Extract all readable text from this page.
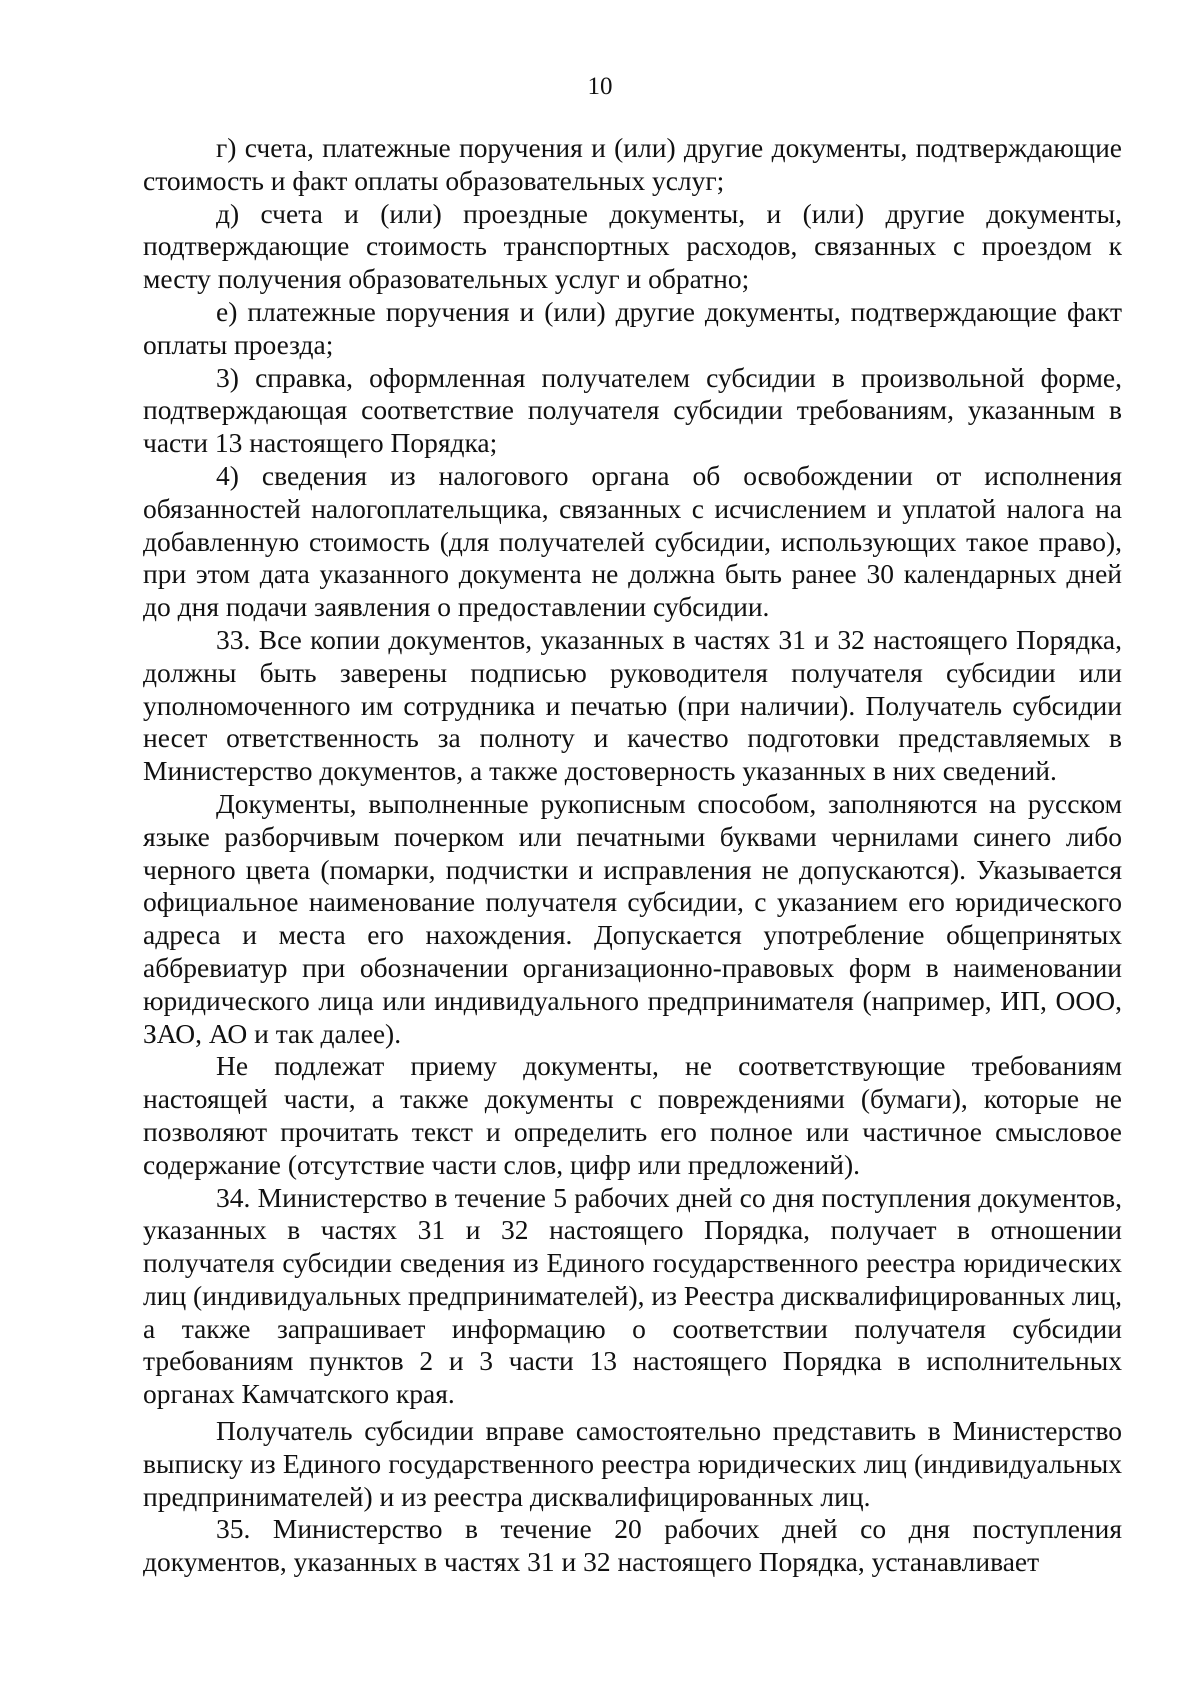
10

г) счета, платежные поручения и (или) другие документы, подтверждающие стоимость и факт оплаты образовательных услуг;

д) счета и (или) проездные документы, и (или) другие документы, подтверждающие стоимость транспортных расходов, связанных с проездом к месту получения образовательных услуг и обратно;

е) платежные поручения и (или) другие документы, подтверждающие факт оплаты проезда;

3) справка, оформленная получателем субсидии в произвольной форме, подтверждающая соответствие получателя субсидии требованиям, указанным в части 13 настоящего Порядка;

4) сведения из налогового органа об освобождении от исполнения обязанностей налогоплательщика, связанных с исчислением и уплатой налога на добавленную стоимость (для получателей субсидии, использующих такое право), при этом дата указанного документа не должна быть ранее 30 календарных дней до дня подачи заявления о предоставлении субсидии.

33. Все копии документов, указанных в частях 31 и 32 настоящего Порядка, должны быть заверены подписью руководителя получателя субсидии или уполномоченного им сотрудника и печатью (при наличии). Получатель субсидии несет ответственность за полноту и качество подготовки представляемых в Министерство документов, а также достоверность указанных в них сведений.

Документы, выполненные рукописным способом, заполняются на русском языке разборчивым почерком или печатными буквами чернилами синего либо черного цвета (помарки, подчистки и исправления не допускаются). Указывается официальное наименование получателя субсидии, с указанием его юридического адреса и места его нахождения. Допускается употребление общепринятых аббревиатур при обозначении организационно-правовых форм в наименовании юридического лица или индивидуального предпринимателя (например, ИП, ООО, ЗАО, АО и так далее).

Не подлежат приему документы, не соответствующие требованиям настоящей части, а также документы с повреждениями (бумаги), которые не позволяют прочитать текст и определить его полное или частичное смысловое содержание (отсутствие части слов, цифр или предложений).

34. Министерство в течение 5 рабочих дней со дня поступления документов, указанных в частях 31 и 32 настоящего Порядка, получает в отношении получателя субсидии сведения из Единого государственного реестра юридических лиц (индивидуальных предпринимателей), из Реестра дисквалифицированных лиц, а также запрашивает информацию о соответствии получателя субсидии требованиям пунктов 2 и 3 части 13 настоящего Порядка в исполнительных органах Камчатского края.

Получатель субсидии вправе самостоятельно представить в Министерство выписку из Единого государственного реестра юридических лиц (индивидуальных предпринимателей) и из реестра дисквалифицированных лиц.

35. Министерство в течение 20 рабочих дней со дня поступления документов, указанных в частях 31 и 32 настоящего Порядка, устанавливает
